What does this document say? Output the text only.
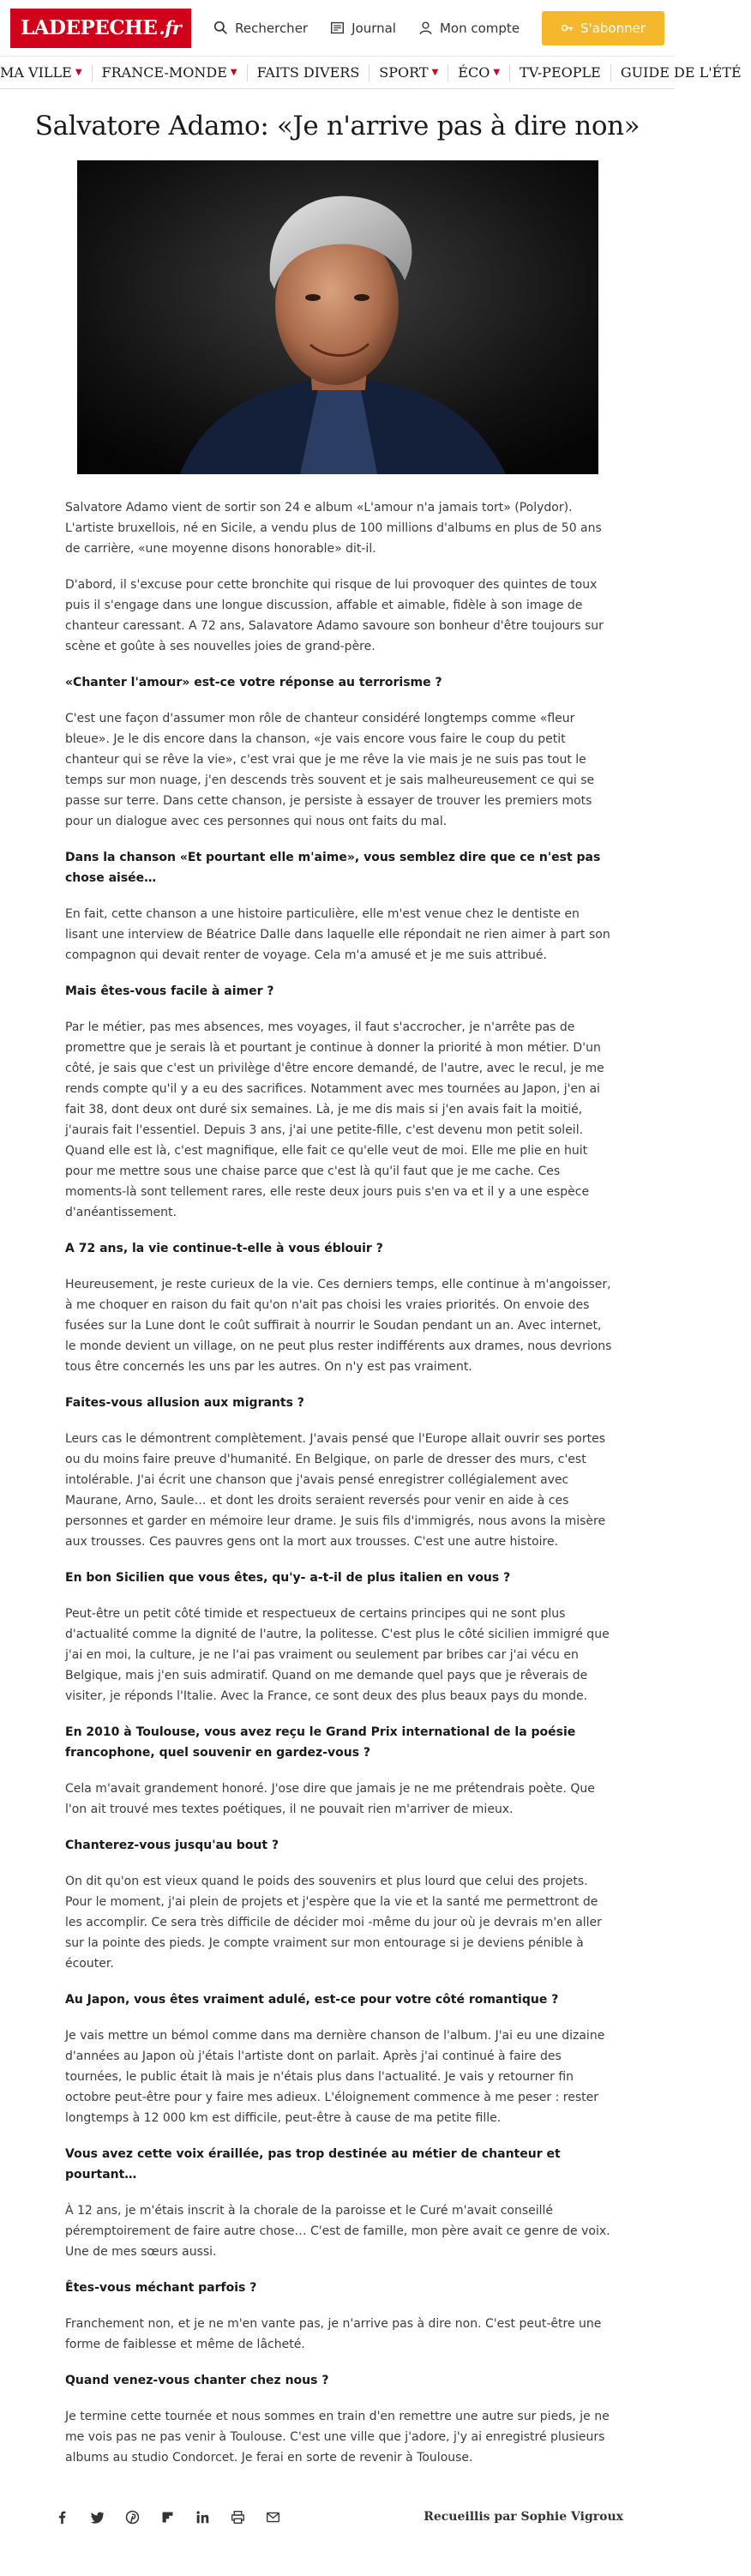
LADEPECHE .fr	Rechercher	Journal	Mon compte	S'abonner
MA VILLE ▼ FRANCE-MONDE ▼ FAITS DIVERS SPORT ▼ ÉCO ▼ TV-PEOPLE GUIDE DE L'ÉTÉ
Salvatore Adamo: «Je n'arrive pas à dire non»

Salvatore Adamo vient de sortir son 24 e album «L'amour n'a jamais tort» (Polydor). L'artiste bruxellois, né en Sicile, a vendu plus de 100 millions d'albums en plus de 50 ans de carrière, «une moyenne disons honorable» dit-il.

D'abord, il s'excuse pour cette bronchite qui risque de lui provoquer des quintes de toux puis il s'engage dans une longue discussion, affable et aimable, fidèle à son image de chanteur caressant. A 72 ans, Salavatore Adamo savoure son bonheur d'être toujours sur scène et goûte à ses nouvelles joies de grand-père.

«Chanter l'amour» est-ce votre réponse au terrorisme ?

C'est une façon d'assumer mon rôle de chanteur considéré longtemps comme «fleur bleue». Je le dis encore dans la chanson, «je vais encore vous faire le coup du petit chanteur qui se rêve la vie», c'est vrai que je me rêve la vie mais je ne suis pas tout le temps sur mon nuage, j'en descends très souvent et je sais malheureusement ce qui se passe sur terre. Dans cette chanson, je persiste à essayer de trouver les premiers mots pour un dialogue avec ces personnes qui nous ont faits du mal.

Dans la chanson «Et pourtant elle m'aime», vous semblez dire que ce n'est pas chose aisée…

En fait, cette chanson a une histoire particulière, elle m'est venue chez le dentiste en lisant une interview de Béatrice Dalle dans laquelle elle répondait ne rien aimer à part son compagnon qui devait renter de voyage. Cela m'a amusé et je me suis attribué.

Mais êtes-vous facile à aimer ?

Par le métier, pas mes absences, mes voyages, il faut s'accrocher, je n'arrête pas de promettre que je serais là et pourtant je continue à donner la priorité à mon métier. D'un côté, je sais que c'est un privilège d'être encore demandé, de l'autre, avec le recul, je me rends compte qu'il y a eu des sacrifices. Notamment avec mes tournées au Japon, j'en ai fait 38, dont deux ont duré six semaines. Là, je me dis mais si j'en avais fait la moitié, j'aurais fait l'essentiel. Depuis 3 ans, j'ai une petite-fille, c'est devenu mon petit soleil. Quand elle est là, c'est magnifique, elle fait ce qu'elle veut de moi. Elle me plie en huit pour me mettre sous une chaise parce que c'est là qu'il faut que je me cache. Ces moments-là sont tellement rares, elle reste deux jours puis s'en va et il y a une espèce d'anéantissement.

A 72 ans, la vie continue-t-elle à vous éblouir ?

Heureusement, je reste curieux de la vie. Ces derniers temps, elle continue à m'angoisser, à me choquer en raison du fait qu'on n'ait pas choisi les vraies priorités. On envoie des fusées sur la Lune dont le coût suffirait à nourrir le Soudan pendant un an. Avec internet, le monde devient un village, on ne peut plus rester indifférents aux drames, nous devrions tous être concernés les uns par les autres. On n'y est pas vraiment.

Faites-vous allusion aux migrants ?

Leurs cas le démontrent complètement. J'avais pensé que l'Europe allait ouvrir ses portes ou du moins faire preuve d'humanité. En Belgique, on parle de dresser des murs, c'est intolérable. J'ai écrit une chanson que j'avais pensé enregistrer collégialement avec Maurane, Arno, Saule… et dont les droits seraient reversés pour venir en aide à ces personnes et garder en mémoire leur drame. Je suis fils d'immigrés, nous avons la misère aux trousses. Ces pauvres gens ont la mort aux trousses. C'est une autre histoire.

En bon Sicilien que vous êtes, qu'y- a-t-il de plus italien en vous ?

Peut-être un petit côté timide et respectueux de certains principes qui ne sont plus d'actualité comme la dignité de l'autre, la politesse. C'est plus le côté sicilien immigré que j'ai en moi, la culture, je ne l'ai pas vraiment ou seulement par bribes car j'ai vécu en Belgique, mais j'en suis admiratif. Quand on me demande quel pays que je rêverais de visiter, je réponds l'Italie. Avec la France, ce sont deux des plus beaux pays du monde.

En 2010 à Toulouse, vous avez reçu le Grand Prix international de la poésie francophone, quel souvenir en gardez-vous ?

Cela m'avait grandement honoré. J'ose dire que jamais je ne me prétendrais poète. Que l'on ait trouvé mes textes poétiques, il ne pouvait rien m'arriver de mieux.

Chanterez-vous jusqu'au bout ?

On dit qu'on est vieux quand le poids des souvenirs et plus lourd que celui des projets. Pour le moment, j'ai plein de projets et j'espère que la vie et la santé me permettront de les accomplir. Ce sera très difficile de décider moi -même du jour où je devrais m'en aller sur la pointe des pieds. Je compte vraiment sur mon entourage si je deviens pénible à écouter.

Au Japon, vous êtes vraiment adulé, est-ce pour votre côté romantique ?

Je vais mettre un bémol comme dans ma dernière chanson de l'album. J'ai eu une dizaine d'années au Japon où j'étais l'artiste dont on parlait. Après j'ai continué à faire des tournées, le public était là mais je n'étais plus dans l'actualité. Je vais y retourner fin octobre peut-être pour y faire mes adieux. L'éloignement commence à me peser : rester longtemps à 12 000 km est difficile, peut-être à cause de ma petite fille.

Vous avez cette voix éraillée, pas trop destinée au métier de chanteur et pourtant…

À 12 ans, je m'étais inscrit à la chorale de la paroisse et le Curé m'avait conseillé péremptoirement de faire autre chose… C'est de famille, mon père avait ce genre de voix. Une de mes sœurs aussi.

Êtes-vous méchant parfois ?

Franchement non, et je ne m'en vante pas, je n'arrive pas à dire non. C'est peut-être une forme de faiblesse et même de lâcheté.

Quand venez-vous chanter chez nous ?

Je termine cette tournée et nous sommes en train d'en remettre une autre sur pieds, je ne me vois pas ne pas venir à Toulouse. C'est une ville que j'adore, j'y ai enregistré plusieurs albums au studio Condorcet. Je ferai en sorte de revenir à Toulouse.

Recueillis par Sophie Vigroux
